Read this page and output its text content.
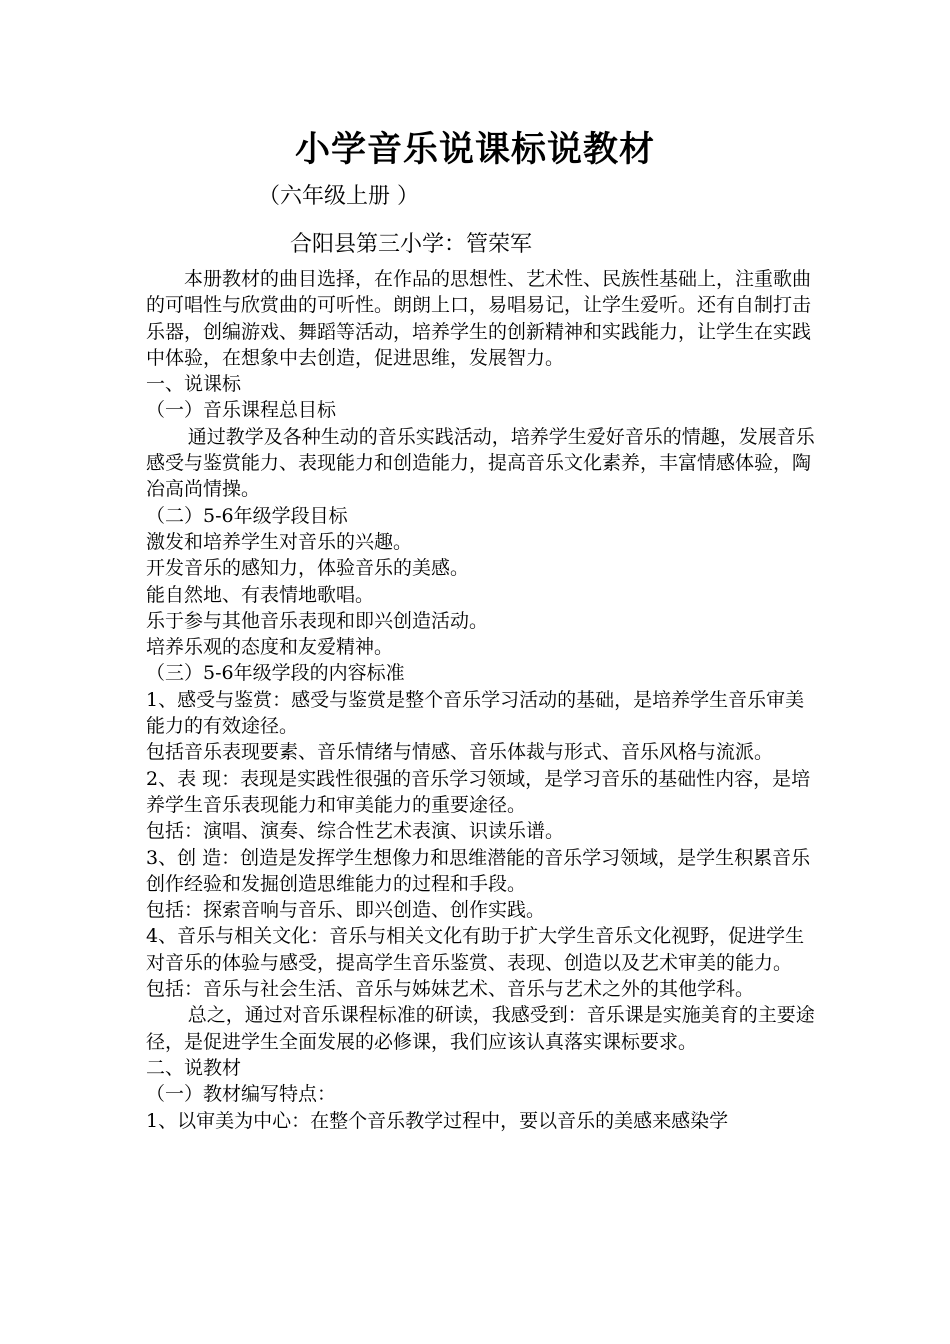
小学音乐说课标说教材
（六年级上册 ）
合阳县第三小学：管荣军

本册教材的曲目选择，在作品的思想性、艺术性、民族性基础上，注重歌曲的可唱性与欣赏曲的可听性。朗朗上口，易唱易记，让学生爱听。还有自制打击乐器，创编游戏、舞蹈等活动，培养学生的创新精神和实践能力，让学生在实践中体验，在想象中去创造，促进思维，发展智力。

一、说课标

（一）音乐课程总目标

通过教学及各种生动的音乐实践活动，培养学生爱好音乐的情趣，发展音乐感受与鉴赏能力、表现能力和创造能力，提高音乐文化素养，丰富情感体验，陶冶高尚情操。

（二）5-6年级学段目标

激发和培养学生对音乐的兴趣。

开发音乐的感知力，体验音乐的美感。

能自然地、有表情地歌唱。

乐于参与其他音乐表现和即兴创造活动。

培养乐观的态度和友爱精神。

（三）5-6年级学段的内容标准

1、感受与鉴赏：感受与鉴赏是整个音乐学习活动的基础，是培养学生音乐审美能力的有效途径。

包括音乐表现要素、音乐情绪与情感、音乐体裁与形式、音乐风格与流派。

2、表 现：表现是实践性很强的音乐学习领域，是学习音乐的基础性内容，是培养学生音乐表现能力和审美能力的重要途径。

包括：演唱、演奏、综合性艺术表演、识读乐谱。

3、创 造：创造是发挥学生想像力和思维潜能的音乐学习领域，是学生积累音乐创作经验和发掘创造思维能力的过程和手段。

包括：探索音响与音乐、即兴创造、创作实践。

4、音乐与相关文化：音乐与相关文化有助于扩大学生音乐文化视野，促进学生对音乐的体验与感受，提高学生音乐鉴赏、表现、创造以及艺术审美的能力。

包括：音乐与社会生活、音乐与姊妹艺术、音乐与艺术之外的其他学科。

总之，通过对音乐课程标准的研读，我感受到：音乐课是实施美育的主要途径，是促进学生全面发展的必修课，我们应该认真落实课标要求。

二、说教材

（一）教材编写特点：

1、以审美为中心：在整个音乐教学过程中，要以音乐的美感来感染学
